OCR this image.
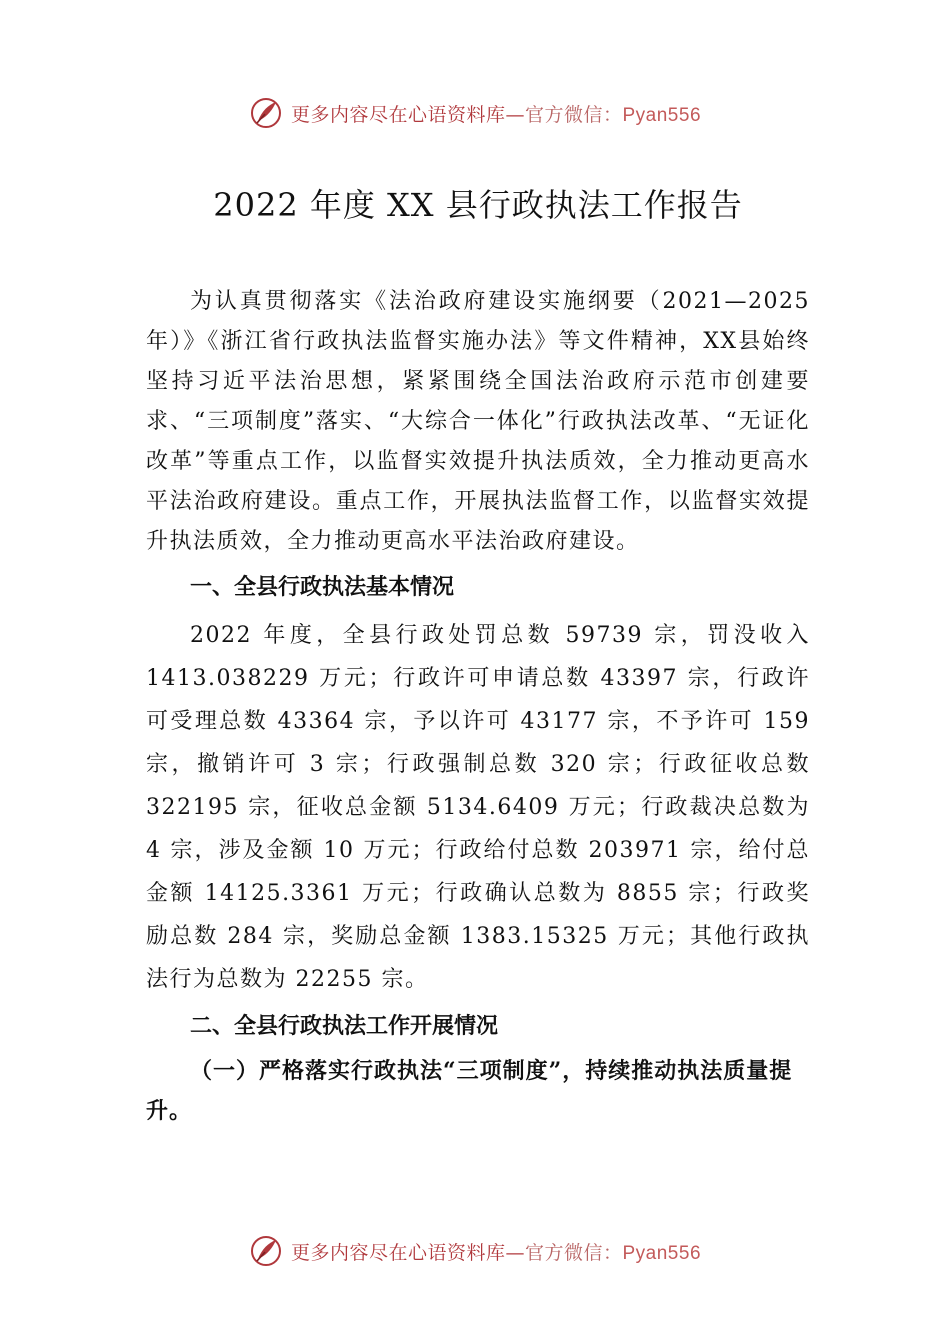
更多内容尽在心语资料库—官方微信：Pyan556
2022 年度 XX 县行政执法工作报告

为认真贯彻落实《法治政府建设实施纲要（2021—2025年）》《浙江省行政执法监督实施办法》等文件精神，XX县始终坚持习近平法治思想，紧紧围绕全国法治政府示范市创建要求、“三项制度”落实、“大综合一体化”行政执法改革、“无证化改革”等重点工作，以监督实效提升执法质效，全力推动更高水平法治政府建设。重点工作，开展执法监督工作，以监督实效提升执法质效，全力推动更高水平法治政府建设。

一、全县行政执法基本情况

2022 年度，全县行政处罚总数 59739 宗，罚没收入 1413.038229 万元；行政许可申请总数 43397 宗，行政许可受理总数 43364 宗，予以许可 43177 宗，不予许可 159 宗，撤销许可 3 宗；行政强制总数 320 宗；行政征收总数 322195 宗，征收总金额 5134.6409 万元；行政裁决总数为 4 宗，涉及金额 10 万元；行政给付总数 203971 宗，给付总金额 14125.3361 万元；行政确认总数为 8855 宗；行政奖励总数 284 宗，奖励总金额 1383.15325 万元；其他行政执法行为总数为 22255 宗。

二、全县行政执法工作开展情况

（一）严格落实行政执法“三项制度”，持续推动执法质量提升。

更多内容尽在心语资料库—官方微信：Pyan556
